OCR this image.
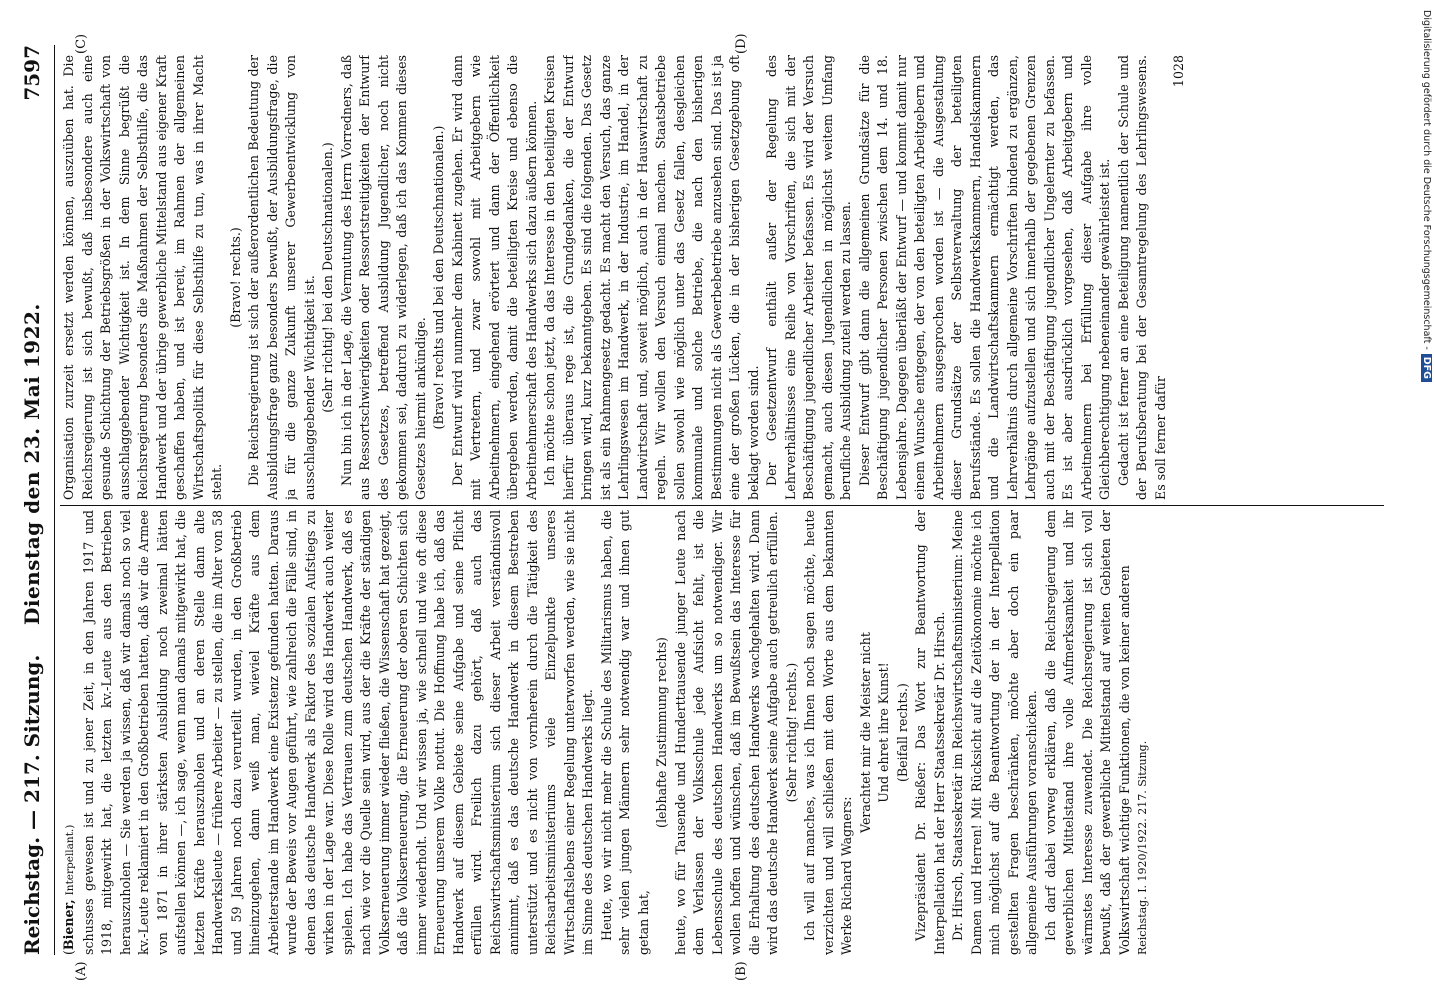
Reichstag. — 217. Sitzung.
Dienstag den 23. Mai 1922.
7597
(A)	(B)
(C)	(D)

(Biener, Interpellant.) schusses gewesen ist und zu jener Zeit, in den Jahren 1917 und 1918, mitgewirkt hat, die letzten kv.-Leute aus den Betrieben herauszuholen — Sie werden ja wissen, daß wir damals noch so viel kv.-Leute reklamiert in den Großbetrieben hatten, daß wir die Armee von 1871 in ihrer stärksten Ausbildung noch zweimal hätten aufstellen können —, ich sage, wenn man damals mitgewirkt hat, die letzten Kräfte herauszuholen und an deren Stelle dann alte Handwerksleute — frühere Arbeiter — zu stellen, die im Alter von 58 und 59 Jahren noch dazu verurteilt wurden, in den Großbetrieb hineinzugehen, dann weiß man, wieviel Kräfte aus dem Arbeiterstande im Handwerk eine Existenz gefunden hatten. Daraus wurde der Beweis vor Augen geführt, wie zahlreich die Fälle sind, in denen das deutsche Handwerk als Faktor des sozialen Aufstiegs zu wirken in der Lage war. Diese Rolle wird das Handwerk auch weiter spielen. Ich habe das Vertrauen zum deutschen Handwerk, daß es nach wie vor die Quelle sein wird, aus der die Kräfte der ständigen Volkserneuerung immer wieder fließen, die Wissenschaft hat gezeigt, daß die Volkserneuerung, die Erneuerung der oberen Schichten sich immer wiederholt. Und wir wissen ja, wie schnell und wie oft diese Erneuerung unserem Volke nottut. Die Hoffnung habe ich, daß das Handwerk auf diesem Gebiete seine Aufgabe und seine Pflicht erfüllen wird. Freilich dazu gehört, daß auch das Reichswirtschaftsministerium sich dieser Arbeit verständnisvoll annimmt, daß es das deutsche Handwerk in diesem Bestreben unterstützt und es nicht von vornherein durch die Tätigkeit des Reichsarbeitsministeriums viele Einzelpunkte unseres Wirtschaftslebens einer Regelung unterworfen werden, wie sie nicht im Sinne des deutschen Handwerks liegt. Heute, wo wir nicht mehr die Schule des Militarismus haben, die sehr vielen jungen Männern sehr notwendig war und ihnen gut getan hat,

(lebhafte Zustimmung rechts) heute, wo für Tausende und Hunderttausende junger Leute nach dem Verlassen der Volksschule jede Aufsicht fehlt, ist die Lebensschule des deutschen Handwerks um so notwendiger. Wir wollen hoffen und wünschen, daß im Bewußtsein das Interesse für die Erhaltung des deutschen Handwerks wachgehalten wird. Dann wird das deutsche Handwerk seine Aufgabe auch getreulich erfüllen. (Sehr richtig! rechts.) Ich will auf manches, was ich Ihnen noch sagen möchte, heute verzichten und will schließen mit dem Worte aus dem bekannten Werke Richard Wagners:

Verachtet mir die Meister nicht Und ehret ihre Kunst! (Beifall rechts.) Vizepräsident Dr. Rießer: Das Wort zur Beantwortung der Interpellation hat der Herr Staatssekretär Dr. Hirsch. Dr. Hirsch, Staatssekretär im Reichswirtschaftsministerium: Meine Damen und Herren! Mit Rücksicht auf die Zeitökonomie möchte ich mich möglichst auf die Beantwortung der in der Interpellation gestellten Fragen beschränken, möchte aber doch ein paar allgemeine Ausführungen voranschicken. Ich darf dabei vorweg erklären, daß die Reichsregierung dem gewerblichen Mittelstand ihre volle Aufmerksamkeit und ihr wärmstes Interesse zuwendet. Die Reichsregierung ist sich voll bewußt, daß der gewerbliche Mittelstand auf weiten Gebieten der Volkswirtschaft wichtige Funktionen, die von keiner anderen Reichstag. I. 1920/1922. 217. Sitzung.

Organisation zurzeit ersetzt werden können, auszuüben hat. Die Reichsregierung ist sich bewußt, daß insbesondere auch eine gesunde Schichtung der Betriebsgrößen in der Volkswirtschaft von ausschlaggebender Wichtigkeit ist. In dem Sinne begrüßt die Reichsregierung besonders die Maßnahmen der Selbsthilfe, die das Handwerk und der übrige gewerbliche Mittelstand aus eigener Kraft geschaffen haben, und ist bereit, im Rahmen der allgemeinen Wirtschaftspolitik für diese Selbsthilfe zu tun, was in ihrer Macht steht.

(Bravo! rechts.) Die Reichsregierung ist sich der außerordentlichen Bedeutung der Ausbildungsfrage ganz besonders bewußt, der Ausbildungsfrage, die ja für die ganze Zukunft unserer Gewerbeentwicklung von ausschlaggebender Wichtigkeit ist. (Sehr richtig! bei den Deutschnationalen.) Nun bin ich in der Lage, die Vermutung des Herrn Vorredners, daß aus Ressortschwierigkeiten oder Ressortstreitigkeiten der Entwurf des Gesetzes, betreffend Ausbildung Jugendlicher, noch nicht gekommen sei, dadurch zu widerlegen, daß ich das Kommen dieses Gesetzes hiermit ankündige. (Bravo! rechts und bei den Deutschnationalen.) Der Entwurf wird nunmehr dem Kabinett zugehen. Er wird dann mit Vertretern, und zwar sowohl mit Arbeitgebern wie Arbeitnehmern, eingehend erörtert und dann der Öffentlichkeit übergeben werden, damit die beteiligten Kreise und ebenso die Arbeitnehmerschaft des Handwerks sich dazu äußern können. Ich möchte schon jetzt, da das Interesse in den beteiligten Kreisen hierfür überaus rege ist, die Grundgedanken, die der Entwurf bringen wird, kurz bekanntgeben. Es sind die folgenden. Das Gesetz ist als ein Rahmengesetz gedacht. Es macht den Versuch, das ganze Lehrlingswesen im Handwerk, in der Industrie, im Handel, in der Landwirtschaft und, soweit möglich, auch in der Hauswirtschaft zu regeln. Wir wollen den Versuch einmal machen. Staatsbetriebe sollen sowohl wie möglich unter das Gesetz fallen, desgleichen kommunale und solche Betriebe, die nach den bisherigen Bestimmungen nicht als Gewerbebetriebe anzusehen sind. Das ist ja eine der großen Lücken, die in der bisherigen Gesetzgebung oft beklagt worden sind. Der Gesetzentwurf enthält außer der Regelung des Lehrverhältnisses eine Reihe von Vorschriften, die sich mit der Beschäftigung jugendlicher Arbeiter befassen. Es wird der Versuch gemacht, auch diesen Jugendlichen in möglichst weitem Umfang berufliche Ausbildung zuteil werden zu lassen. Dieser Entwurf gibt dann die allgemeinen Grundsätze für die Beschäftigung jugendlicher Personen zwischen dem 14. und 18. Lebensjahre. Dagegen überläßt der Entwurf — und kommt damit nur einem Wunsche entgegen, der von den beteiligten Arbeitgebern und Arbeitnehmern ausgesprochen worden ist — die Ausgestaltung dieser Grundsätze der Selbstverwaltung der beteiligten Berufsstände. Es sollen die Handwerkskammern, Handelskammern und die Landwirtschaftskammern ermächtigt werden, das Lehrverhältnis durch allgemeine Vorschriften bindend zu ergänzen, Lehrgänge aufzustellen und sich innerhalb der gegebenen Grenzen auch mit der Beschäftigung jugendlicher Ungelernter zu befassen. Es ist aber ausdrücklich vorgesehen, daß Arbeitgebern und Arbeitnehmern bei Erfüllung dieser Aufgabe ihre volle Gleichberechtigung nebeneinander gewährleistet ist. Gedacht ist ferner an eine Beteiligung namentlich der Schule und der Berufsberatung bei der Gesamtregelung des Lehrlingswesens. Es soll ferner dafür

1028	Digitalisierung gefördert durch die Deutsche Forschungsgemeinschaft -DFG
